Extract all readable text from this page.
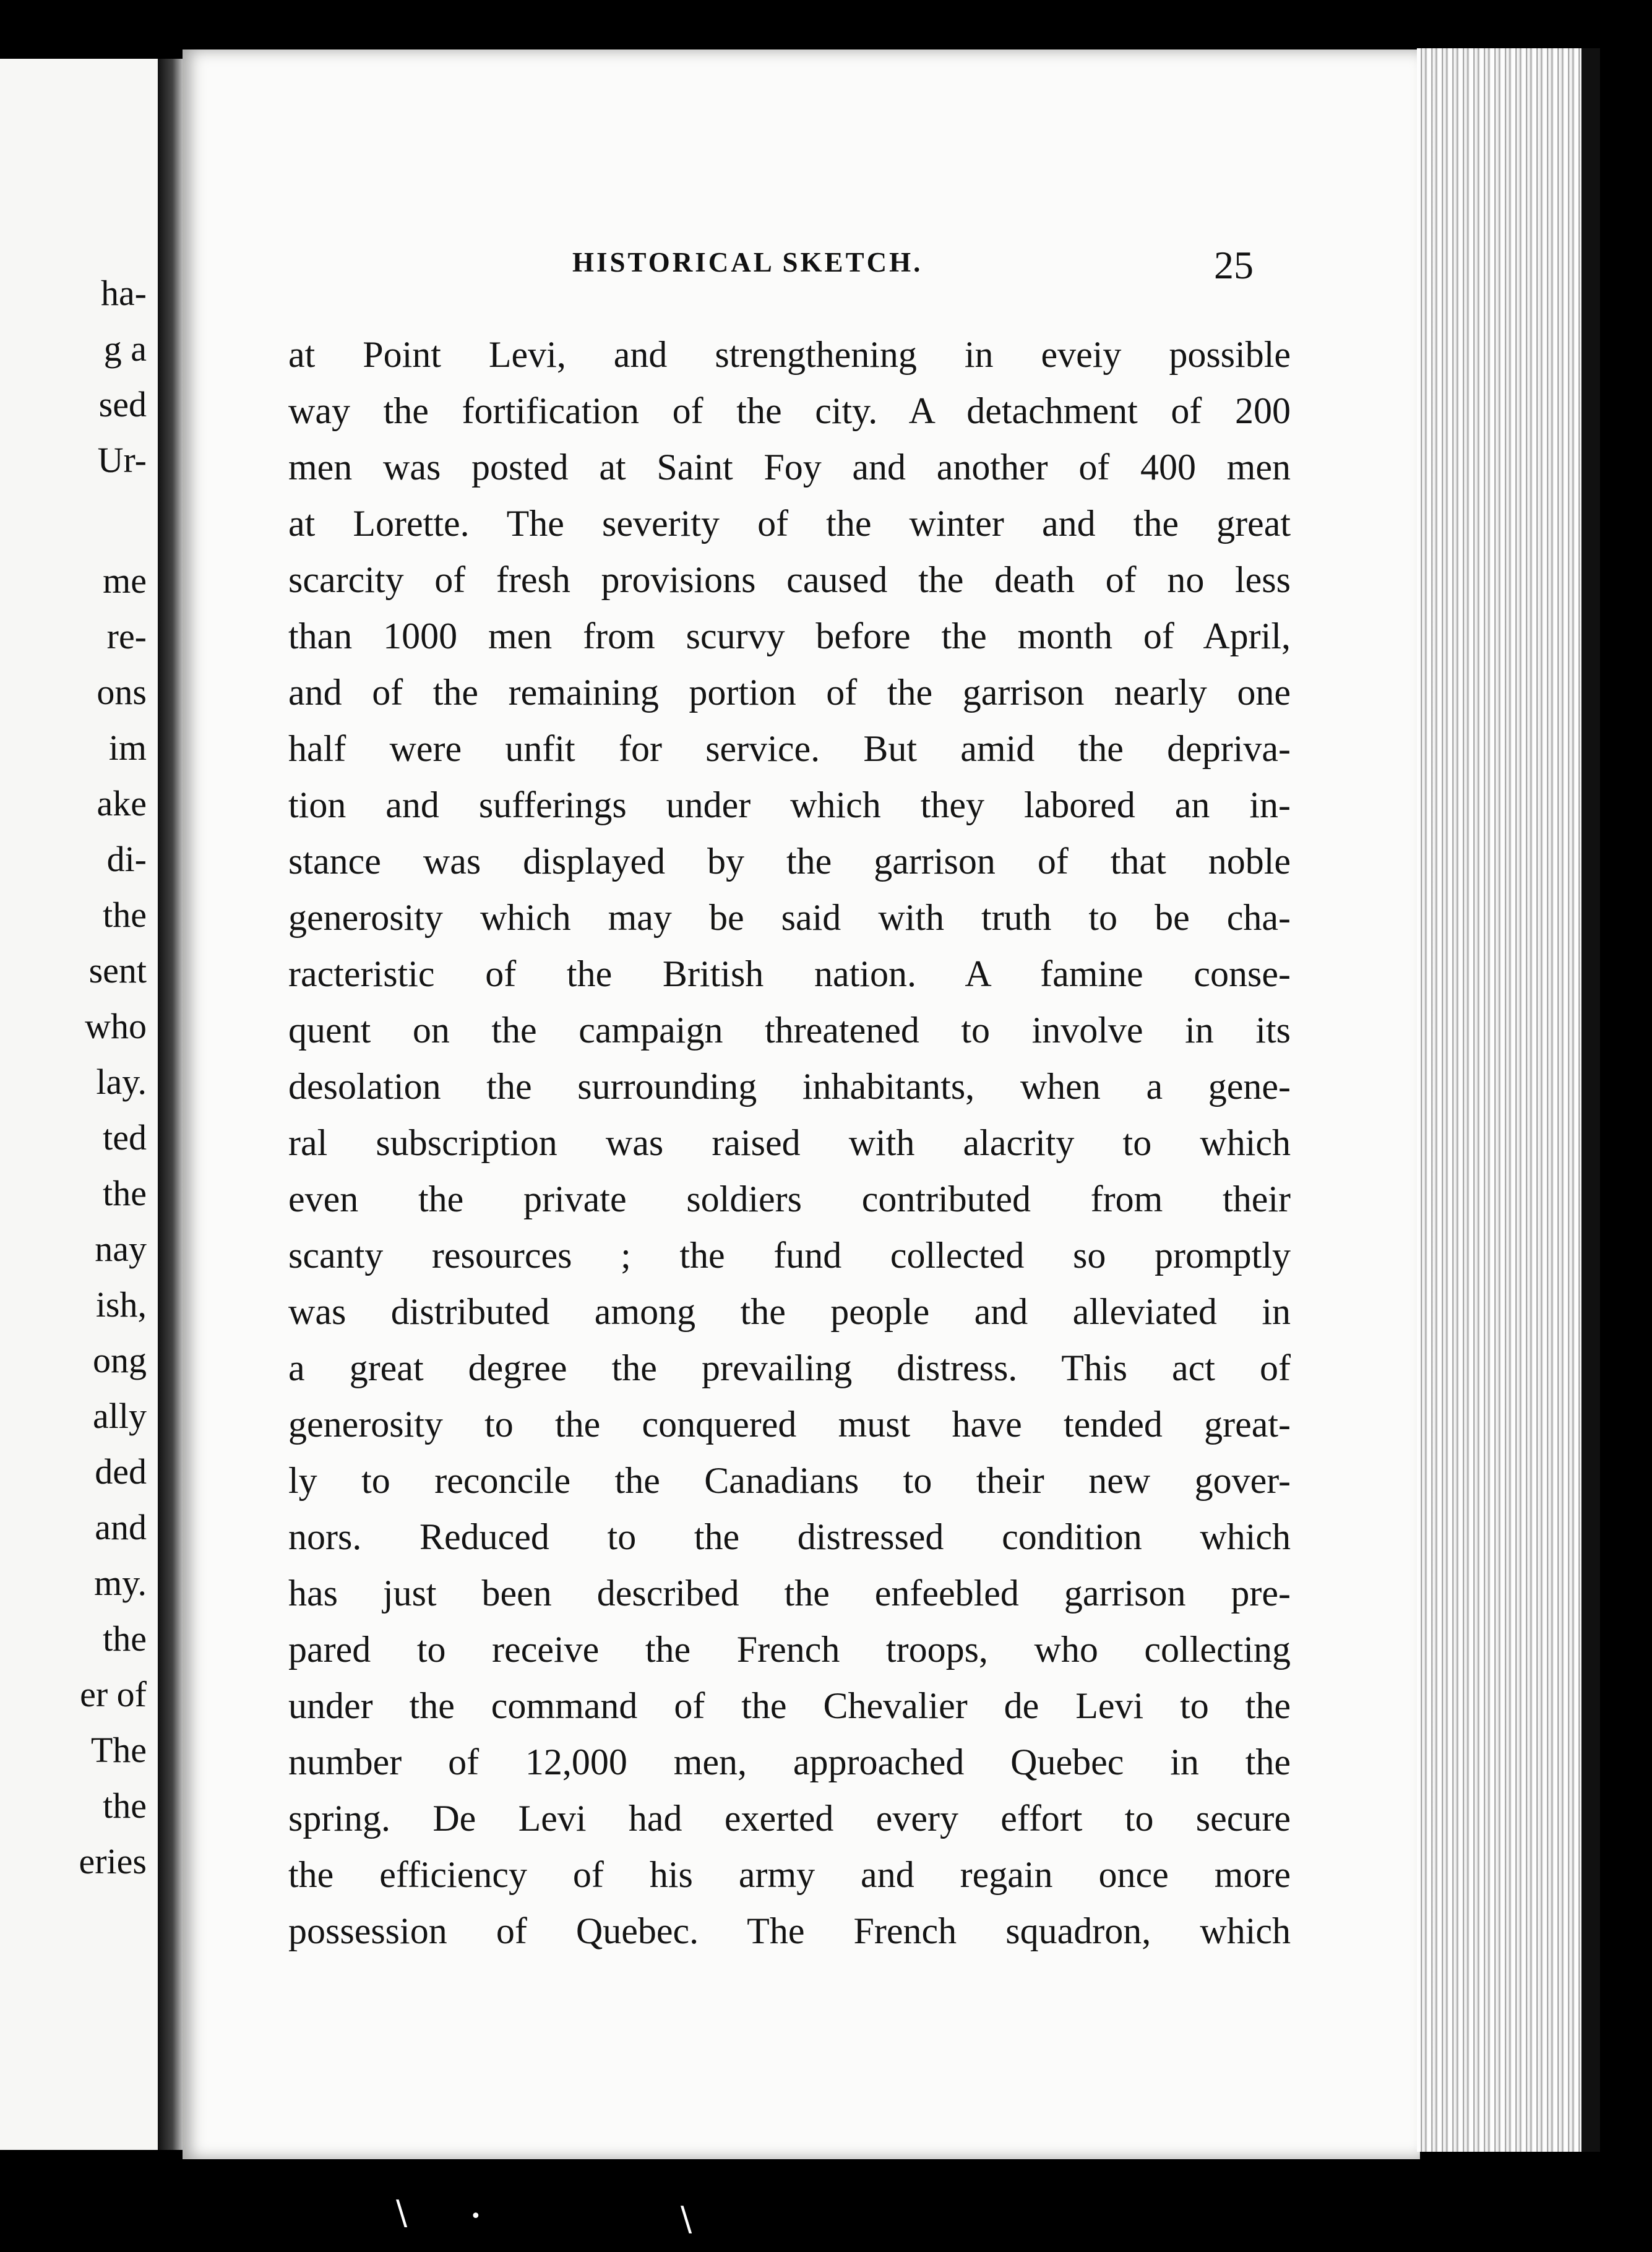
ha-
g a
sed
Ur-
me
re-
ons
im
ake
di-
the
sent
who
lay.
ted
the
nay
ish,
ong
ally
ded
and
my.
the
er of
The
the
eries
HISTORICAL SKETCH.	25
at Point Levi, and strengthening in eveiy possible
way the fortification of the city. A detachment of 200
men was posted at Saint Foy and another of 400 men
at Lorette. The severity of the winter and the great
scarcity of fresh provisions caused the death of no less
than 1000 men from scurvy before the month of April,
and of the remaining portion of the garrison nearly one
half were unfit for service. But amid the depriva-
tion and sufferings under which they labored an in-
stance was displayed by the garrison of that noble
generosity which may be said with truth to be cha-
racteristic of the British nation. A famine conse-
quent on the campaign threatened to involve in its
desolation the surrounding inhabitants, when a gene-
ral subscription was raised with alacrity to which
even the private soldiers contributed from their
scanty resources ; the fund collected so promptly
was distributed among the people and alleviated in
a great degree the prevailing distress. This act of
generosity to the conquered must have tended great-
ly to reconcile the Canadians to their new gover-
nors. Reduced to the distressed condition which
has just been described the enfeebled garrison pre-
pared to receive the French troops, who collecting
under the command of the Chevalier de Levi to the
number of 12,000 men, approached Quebec in the
spring. De Levi had exerted every effort to secure
the efficiency of his army and regain once more
possession of Quebec. The French squadron, which
\	•	\
